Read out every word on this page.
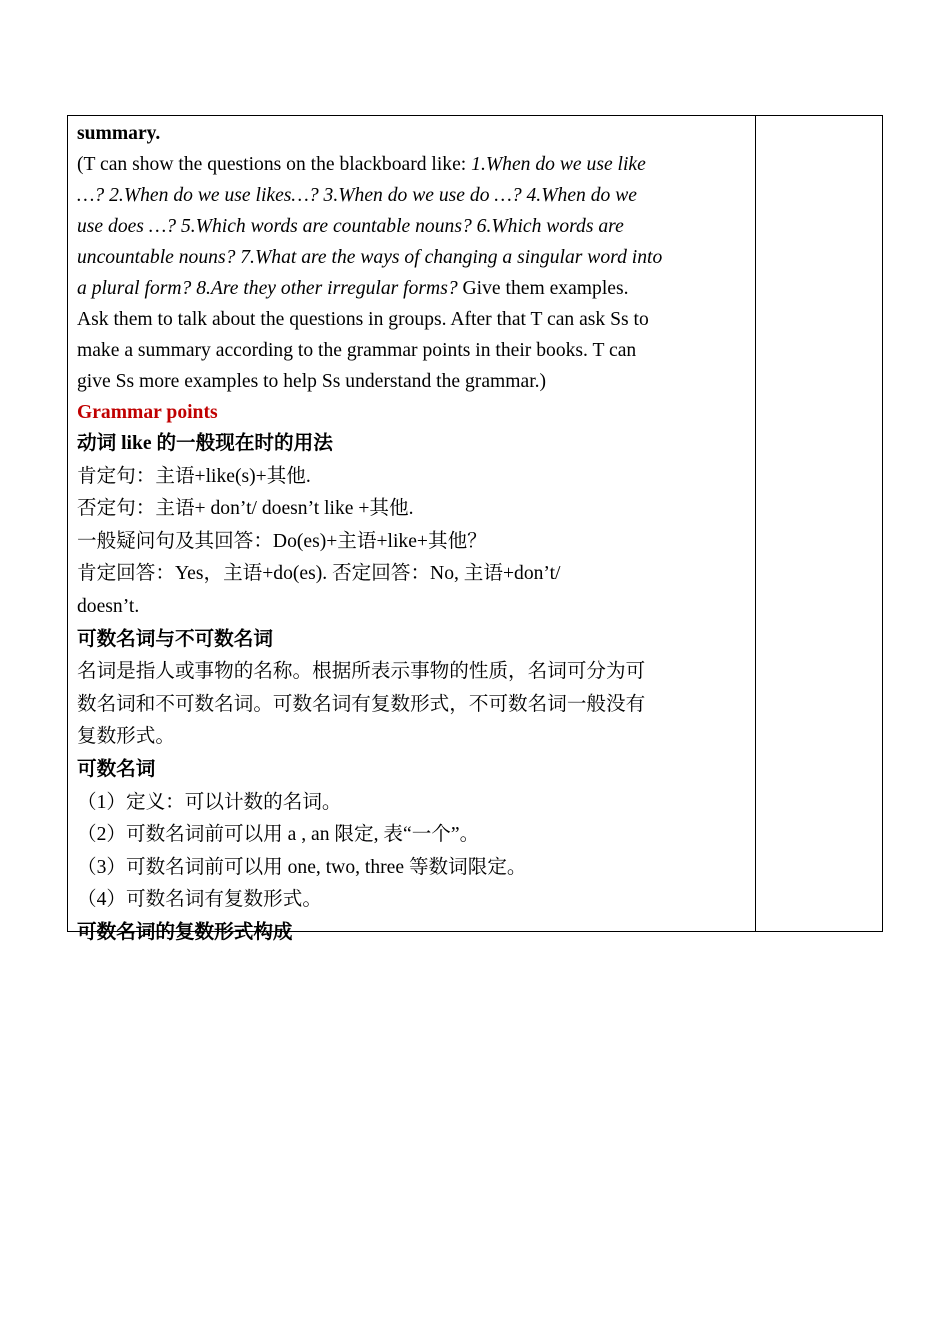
summary.
(T can show the questions on the blackboard like: 1.When do we use like
…? 2.When do we use likes…? 3.When do we use do …? 4.When do we
use does …? 5.Which words are countable nouns? 6.Which words are
uncountable nouns? 7.What are the ways of changing a singular word into
a plural form? 8.Are they other irregular forms? Give them examples.
Ask them to talk about the questions in groups. After that T can ask Ss to
make a summary according to the grammar points in their books. T can
give Ss more examples to help Ss understand the grammar.)
Grammar points
动词 like 的一般现在时的用法
肯定句：主语+like(s)+其他.
否定句：主语+ don’t/ doesn’t like +其他.
一般疑问句及其回答：Do(es)+主语+like+其他？
肯定回答：Yes，主语+do(es). 否定回答：No, 主语+don’t/
doesn’t.
可数名词与不可数名词
名词是指人或事物的名称。根据所表示事物的性质，名词可分为可
数名词和不可数名词。可数名词有复数形式，不可数名词一般没有
复数形式。
可数名词
（1）定义：可以计数的名词。
（2）可数名词前可以用 a , an 限定, 表“一个”。
（3）可数名词前可以用 one, two, three 等数词限定。
（4）可数名词有复数形式。
可数名词的复数形式构成
